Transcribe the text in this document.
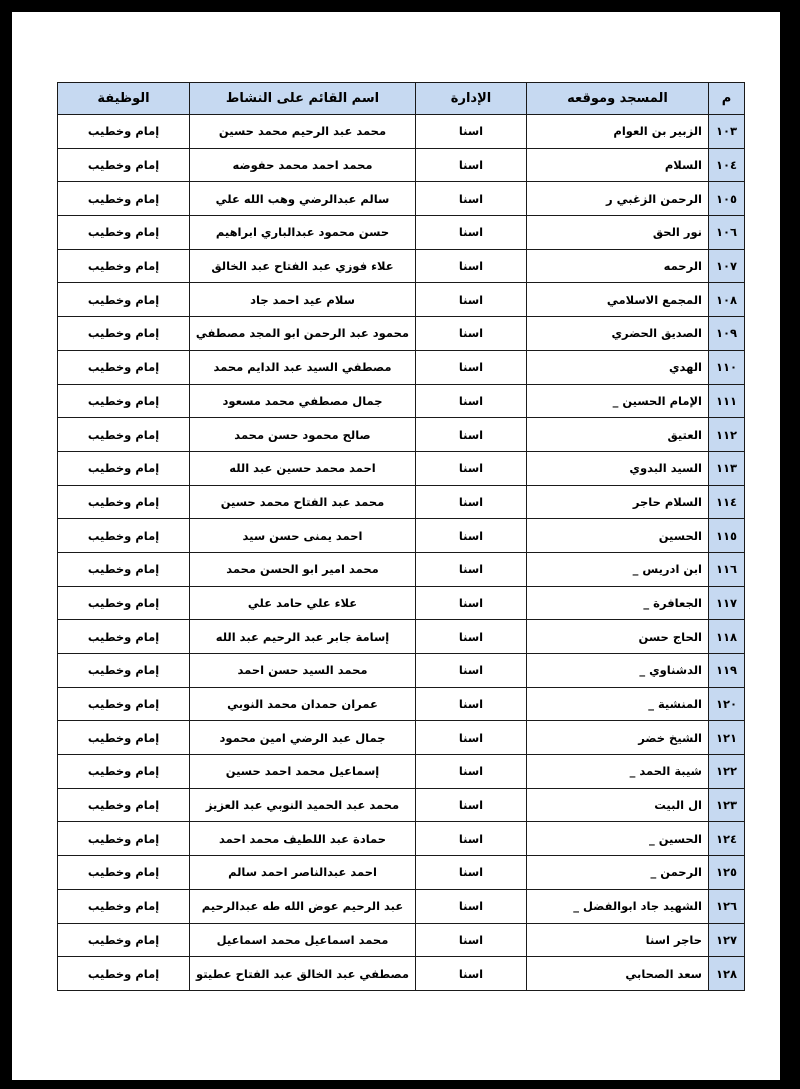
م	المسجد وموقعه	الإدارة	اسم القائم على النشاط	الوظيفة
١٠٣	الزبير بن العوام	اسنا	محمد عبد الرحيم محمد حسين	إمام وخطيب
١٠٤	السلام	اسنا	محمد احمد محمد حفوضه	إمام وخطيب
١٠٥	الرحمن الزغبي ر	اسنا	سالم عبدالرضي وهب الله علي	إمام وخطيب
١٠٦	نور الحق	اسنا	حسن محمود عبدالباري ابراهيم	إمام وخطيب
١٠٧	الرحمه	اسنا	علاء فوزي عبد الفتاح عبد الخالق	إمام وخطيب
١٠٨	المجمع الاسلامي	اسنا	سلام عيد احمد جاد	إمام وخطيب
١٠٩	الصديق الحضري	اسنا	محمود عبد الرحمن ابو المجد مصطفي	إمام وخطيب
١١٠	الهدي	اسنا	مصطفي السيد عبد الدايم محمد	إمام وخطيب
١١١	الإمام الحسين _	اسنا	جمال مصطفي محمد مسعود	إمام وخطيب
١١٢	العتيق	اسنا	صالح محمود حسن محمد	إمام وخطيب
١١٣	السيد البدوي	اسنا	احمد محمد حسين عبد الله	إمام وخطيب
١١٤	السلام حاجر	اسنا	محمد عبد الفتاح محمد حسين	إمام وخطيب
١١٥	الحسين	اسنا	احمد يمنى حسن سيد	إمام وخطيب
١١٦	ابن ادريس _	اسنا	محمد امير ابو الحسن محمد	إمام وخطيب
١١٧	الجعافرة _	اسنا	علاء علي حامد علي	إمام وخطيب
١١٨	الحاج حسن	اسنا	إسامة جابر عبد الرحيم عبد الله	إمام وخطيب
١١٩	الدشناوي _	اسنا	محمد السيد حسن احمد	إمام وخطيب
١٢٠	المنشية _	اسنا	عمران حمدان محمد النوبي	إمام وخطيب
١٢١	الشيخ خضر	اسنا	جمال عبد الرضي امين محمود	إمام وخطيب
١٢٢	شيبة الحمد _	اسنا	إسماعيل محمد احمد حسين	إمام وخطيب
١٢٣	ال البيت	اسنا	محمد عبد الحميد النوبي عبد العزيز	إمام وخطيب
١٢٤	الحسين _	اسنا	حمادة عبد اللطيف محمد احمد	إمام وخطيب
١٢٥	الرحمن _	اسنا	احمد عبدالناصر احمد سالم	إمام وخطيب
١٢٦	الشهيد جاد ابوالفضل _	اسنا	عبد الرحيم عوض الله طه عبدالرحيم	إمام وخطيب
١٢٧	حاجر اسنا	اسنا	محمد اسماعيل محمد اسماعيل	إمام وخطيب
١٢٨	سعد الصحابي	اسنا	مصطفي عبد الخالق عبد الفتاح عطيتو	إمام وخطيب
